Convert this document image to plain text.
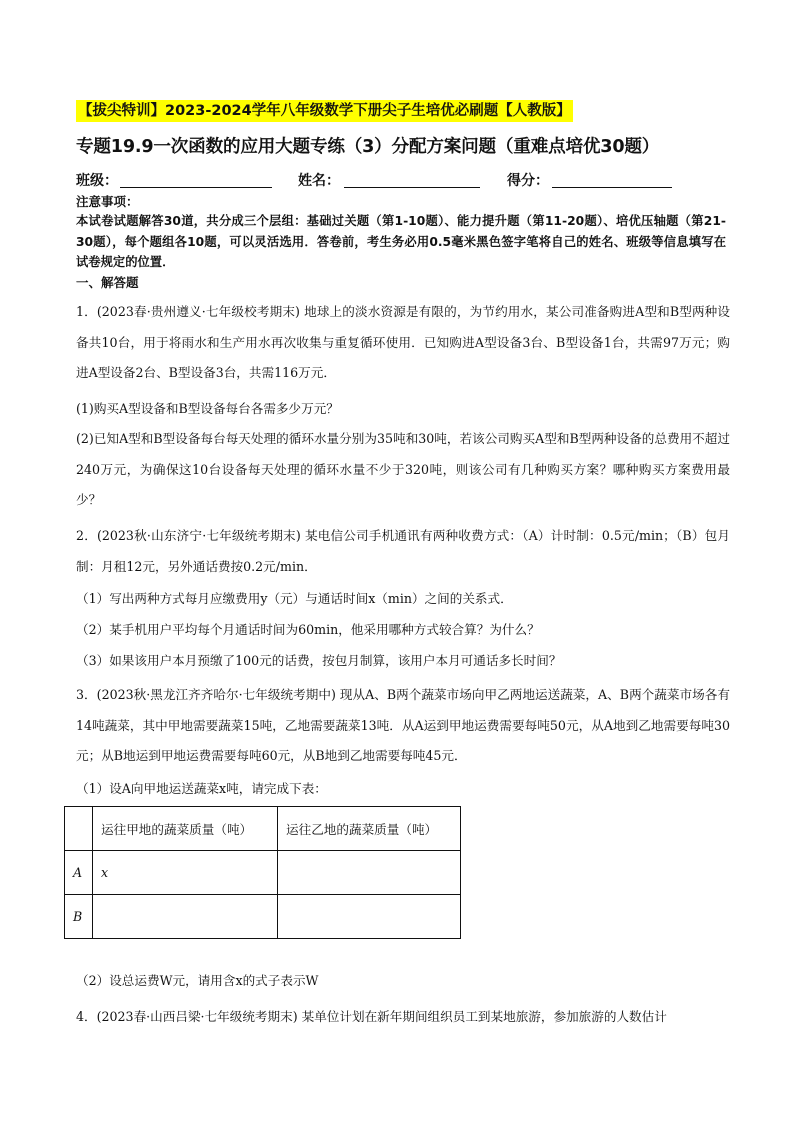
【拔尖特训】2023-2024学年八年级数学下册尖子生培优必刷题【人教版】
专题19.9一次函数的应用大题专练（3）分配方案问题（重难点培优30题）
班级：	姓名：	得分：
注意事项：
本试卷试题解答30道，共分成三个层组：基础过关题（第1-10题）、能力提升题（第11-20题）、培优压轴题（第21-30题），每个题组各10题，可以灵活选用．答卷前，考生务必用0.5毫米黑色签字笔将自己的姓名、班级等信息填写在试卷规定的位置．
一、解答题
1．(2023春·贵州遵义·七年级校考期末) 地球上的淡水资源是有限的，为节约用水，某公司准备购进A型和B型两种设备共10台，用于将雨水和生产用水再次收集与重复循环使用．已知购进A型设备3台、B型设备1台，共需97万元；购进A型设备2台、B型设备3台，共需116万元．
(1)购买A型设备和B型设备每台各需多少万元？
(2)已知A型和B型设备每台每天处理的循环水量分别为35吨和30吨，若该公司购买A型和B型两种设备的总费用不超过240万元，为确保这10台设备每天处理的循环水量不少于320吨，则该公司有几种购买方案？哪种购买方案费用最少？
2．(2023秋·山东济宁·七年级统考期末) 某电信公司手机通讯有两种收费方式：（A）计时制：0.5元/min；（B）包月制：月租12元，另外通话费按0.2元/min．
（1）写出两种方式每月应缴费用y（元）与通话时间x（min）之间的关系式．
（2）某手机用户平均每个月通话时间为60min，他采用哪种方式较合算？为什么？
（3）如果该用户本月预缴了100元的话费，按包月制算，该用户本月可通话多长时间？
3．(2023秋·黑龙江齐齐哈尔·七年级统考期中) 现从A、B两个蔬菜市场向甲乙两地运送蔬菜，A、B两个蔬菜市场各有14吨蔬菜，其中甲地需要蔬菜15吨，乙地需要蔬菜13吨．从A运到甲地运费需要每吨50元，从A地到乙地需要每吨30元；从B地运到甲地运费需要每吨60元，从B地到乙地需要每吨45元．
（1）设A向甲地运送蔬菜x吨，请完成下表：
	运往甲地的蔬菜质量（吨）	运往乙地的蔬菜质量（吨）
A	x	
B		
（2）设总运费W元，请用含x的式子表示W
4．(2023春·山西吕梁·七年级统考期末) 某单位计划在新年期间组织员工到某地旅游，参加旅游的人数估计
